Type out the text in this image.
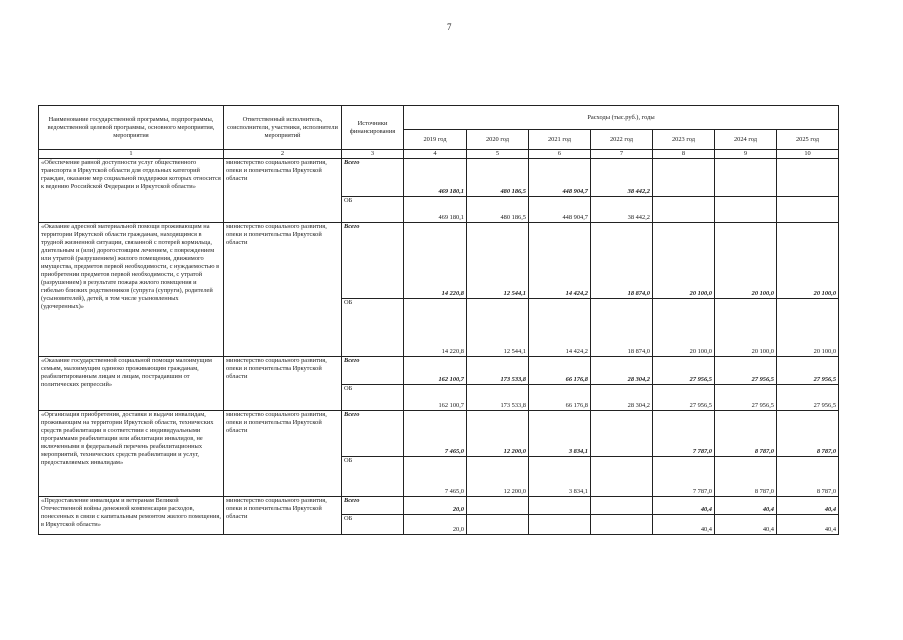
7
Наименование государственной программы, подпрограммы, ведомственной целевой программы, основного мероприятия, мероприятия	Ответственный исполнитель, соисполнители, участники, исполнители мероприятий	Источники финансирования	Расходы (тыс.руб.), годы						
			2019 год	2020 год	2021 год	2022 год	2023 год	2024 год	2025 год
1	2	3	4	5	6	7	8	9	10
«Обеспечение равной доступности услуг общественного транспорта в Иркутской области для отдельных категорий граждан, оказание мер социальной поддержки которых относится к ведению Российской Федерации и Иркутской области»	министерство социального развития, опеки и попечительства Иркутской области	Всего	469 180,1	480 186,5	448 904,7	38 442,2			
		ОБ	469 180,1	480 186,5	448 904,7	38 442,2			
«Оказание адресной материальной помощи проживающим на территории Иркутской области гражданам, находящимся в трудной жизненной ситуации, связанной с потерей кормильца, длительным и (или) дорогостоящим лечением, с повреждением или утратой (разрушением) жилого помещения, движимого имущества, предметов первой необходимости, с нуждаемостью в приобретении предметов первой необходимости, с утратой (разрушением) в результате пожара жилого помещения и гибелью близких родственников (супруга (супруги), родителей (усыновителей), детей, в том числе усыновленных (удочеренных)»	министерство социального развития, опеки и попечительства Иркутской области	Всего	14 220,8	12 544,1	14 424,2	18 874,0	20 100,0	20 100,0	20 100,0
		ОБ	14 220,8	12 544,1	14 424,2	18 874,0	20 100,0	20 100,0	20 100,0
«Оказание государственной социальной помощи малоимущим семьям, малоимущим одиноко проживающим гражданам, реабилитированным лицам и лицам, пострадавшим от политических репрессий»	министерство социального развития, опеки и попечительства Иркутской области	Всего	162 100,7	173 533,8	66 176,8	28 304,2	27 956,5	27 956,5	27 956,5
		ОБ	162 100,7	173 533,8	66 176,8	28 304,2	27 956,5	27 956,5	27 956,5
«Организация приобретения, доставки и выдачи инвалидам, проживающим на территории Иркутской области, технических средств реабилитации в соответствии с индивидуальными программами реабилитации или абилитации инвалидов, не включенными в федеральный перечень реабилитационных мероприятий, технических средств реабилитации и услуг, предоставляемых инвалидам»	министерство социального развития, опеки и попечительства Иркутской области	Всего	7 465,0	12 200,0	3 834,1		7 787,0	8 787,0	8 787,0
		ОБ	7 465,0	12 200,0	3 834,1		7 787,0	8 787,0	8 787,0
«Предоставление инвалидам и ветеранам Великой Отечественной войны денежной компенсации расходов, понесенных в связи с капитальным ремонтом жилого помещения, в Иркутской области»	министерство социального развития, опеки и попечительства Иркутской области	Всего	20,0				40,4	40,4	40,4
		ОБ	20,0				40,4	40,4	40,4
